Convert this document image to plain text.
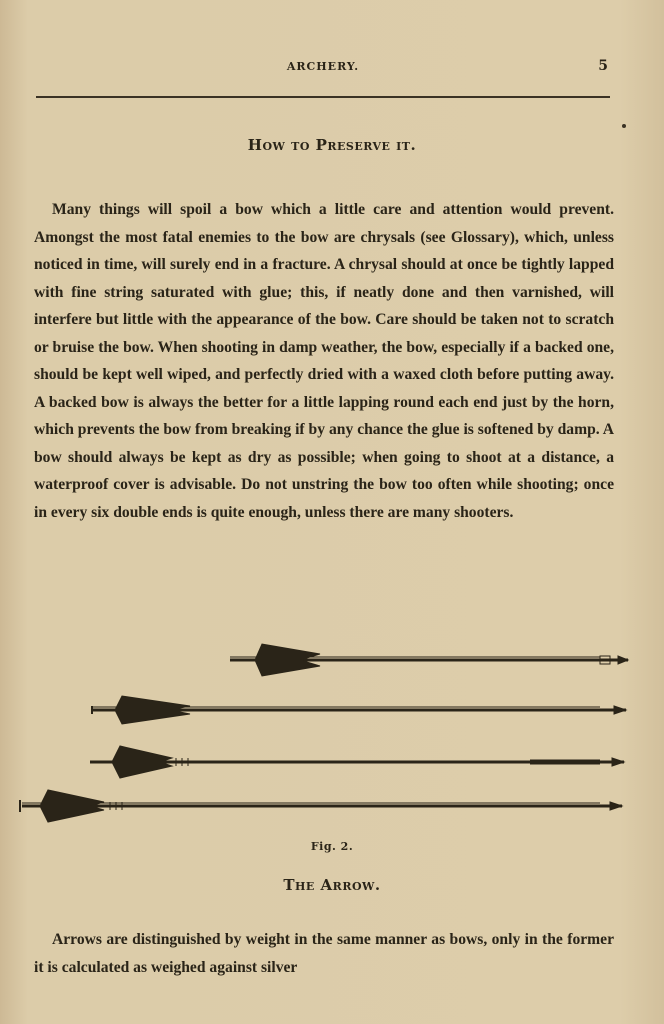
ARCHERY.	5
How to Preserve it.
Many things will spoil a bow which a little care and attention would prevent. Amongst the most fatal enemies to the bow are chrysals (see Glossary), which, unless noticed in time, will surely end in a fracture. A chrysal should at once be tightly lapped with fine string saturated with glue; this, if neatly done and then varnished, will interfere but little with the appearance of the bow. Care should be taken not to scratch or bruise the bow. When shooting in damp weather, the bow, especially if a backed one, should be kept well wiped, and perfectly dried with a waxed cloth before putting away. A backed bow is always the better for a little lapping round each end just by the horn, which prevents the bow from breaking if by any chance the glue is softened by damp. A bow should always be kept as dry as possible; when going to shoot at a distance, a waterproof cover is advisable. Do not unstring the bow too often while shooting; once in every six double ends is quite enough, unless there are many shooters.
Fig. 2.
The Arrow.
Arrows are distinguished by weight in the same manner as bows, only in the former it is calculated as weighed against silver
